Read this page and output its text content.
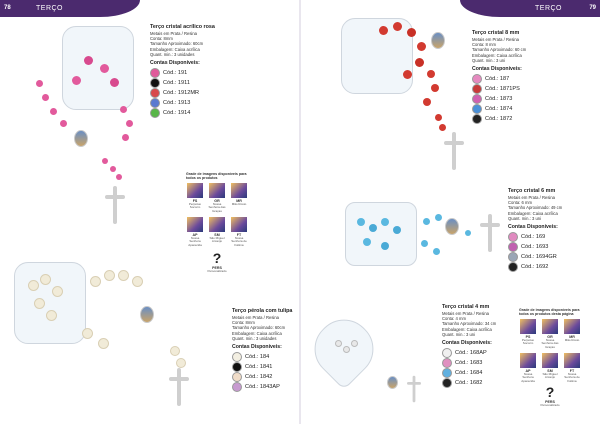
78	TERÇO
Terço cristal acrílico rosa
Metais em Prata / Resina
Conta: 8mm
Tamanho Aproximado: 60cm
Embalagem: Caixa acrílica
Quant. min.: 3 unidades
Contas Disponíveis:
Cód.: 191
Cód.: 1911
Cód.: 1912MR
Cód.: 1913
Cód.: 1914
Grade de imagens disponíveis para todos os produtos
FS
Perpétuo Socorro
GR
Nossa Senhora das Graças
MR
Mão Rosto
AP
Nossa Senhora Aparecida
SM
São Miguel Arcanjo
FT
Nossa Senhora de Fátima
?
PERS
Personalizado
Terço pérola com tulipa
Metais em Prata / Resina
Conta: 8mm
Tamanho Aproximado: 60cm
Embalagem: Caixa acrílica
Quant. min.: 3 unidades
Contas Disponíveis:
Cód.: 184
Cód.: 1841
Cód.: 1842
Cód.: 1843AP
TERÇO	79
Terço cristal 8 mm
Metais em Prata / Resina
Conta: 8 mm
Tamanho Aproximado: 60 cm
Embalagem: Caixa acrílica
Quant. min.: 3 uni
Contas Disponíveis:
Cód.: 187
Cód.: 1871PS
Cód.: 1873
Cód.: 1874
Cód.: 1872
Terço cristal 6 mm
Metais em Prata / Resina
Conta: 6 mm
Tamanho Aproximado: 49 cm
Embalagem: Caixa acrílica
Quant. min.: 3 uni
Contas Disponíveis:
Cód.: 169
Cód.: 1693
Cód.: 1694GR
Cód.: 1692
Terço cristal 4 mm
Metais em Prata / Resina
Conta: 4 mm
Tamanho Aproximado: 34 cm
Embalagem: Caixa acrílica
Quant. min.: 3 uni
Contas Disponíveis:
Cód.: 168AP
Cód.: 1683
Cód.: 1684
Cód.: 1682
Grade de imagens disponíveis para todos os produtos desta página
PS
Perpétuo Socorro
GR
Nossa Senhora das Graças
MR
Mão Rosto
AP
Nossa Senhora Aparecida
SM
São Miguel Arcanjo
FT
Nossa Senhora de Fátima
?
PERS
Personalizado
